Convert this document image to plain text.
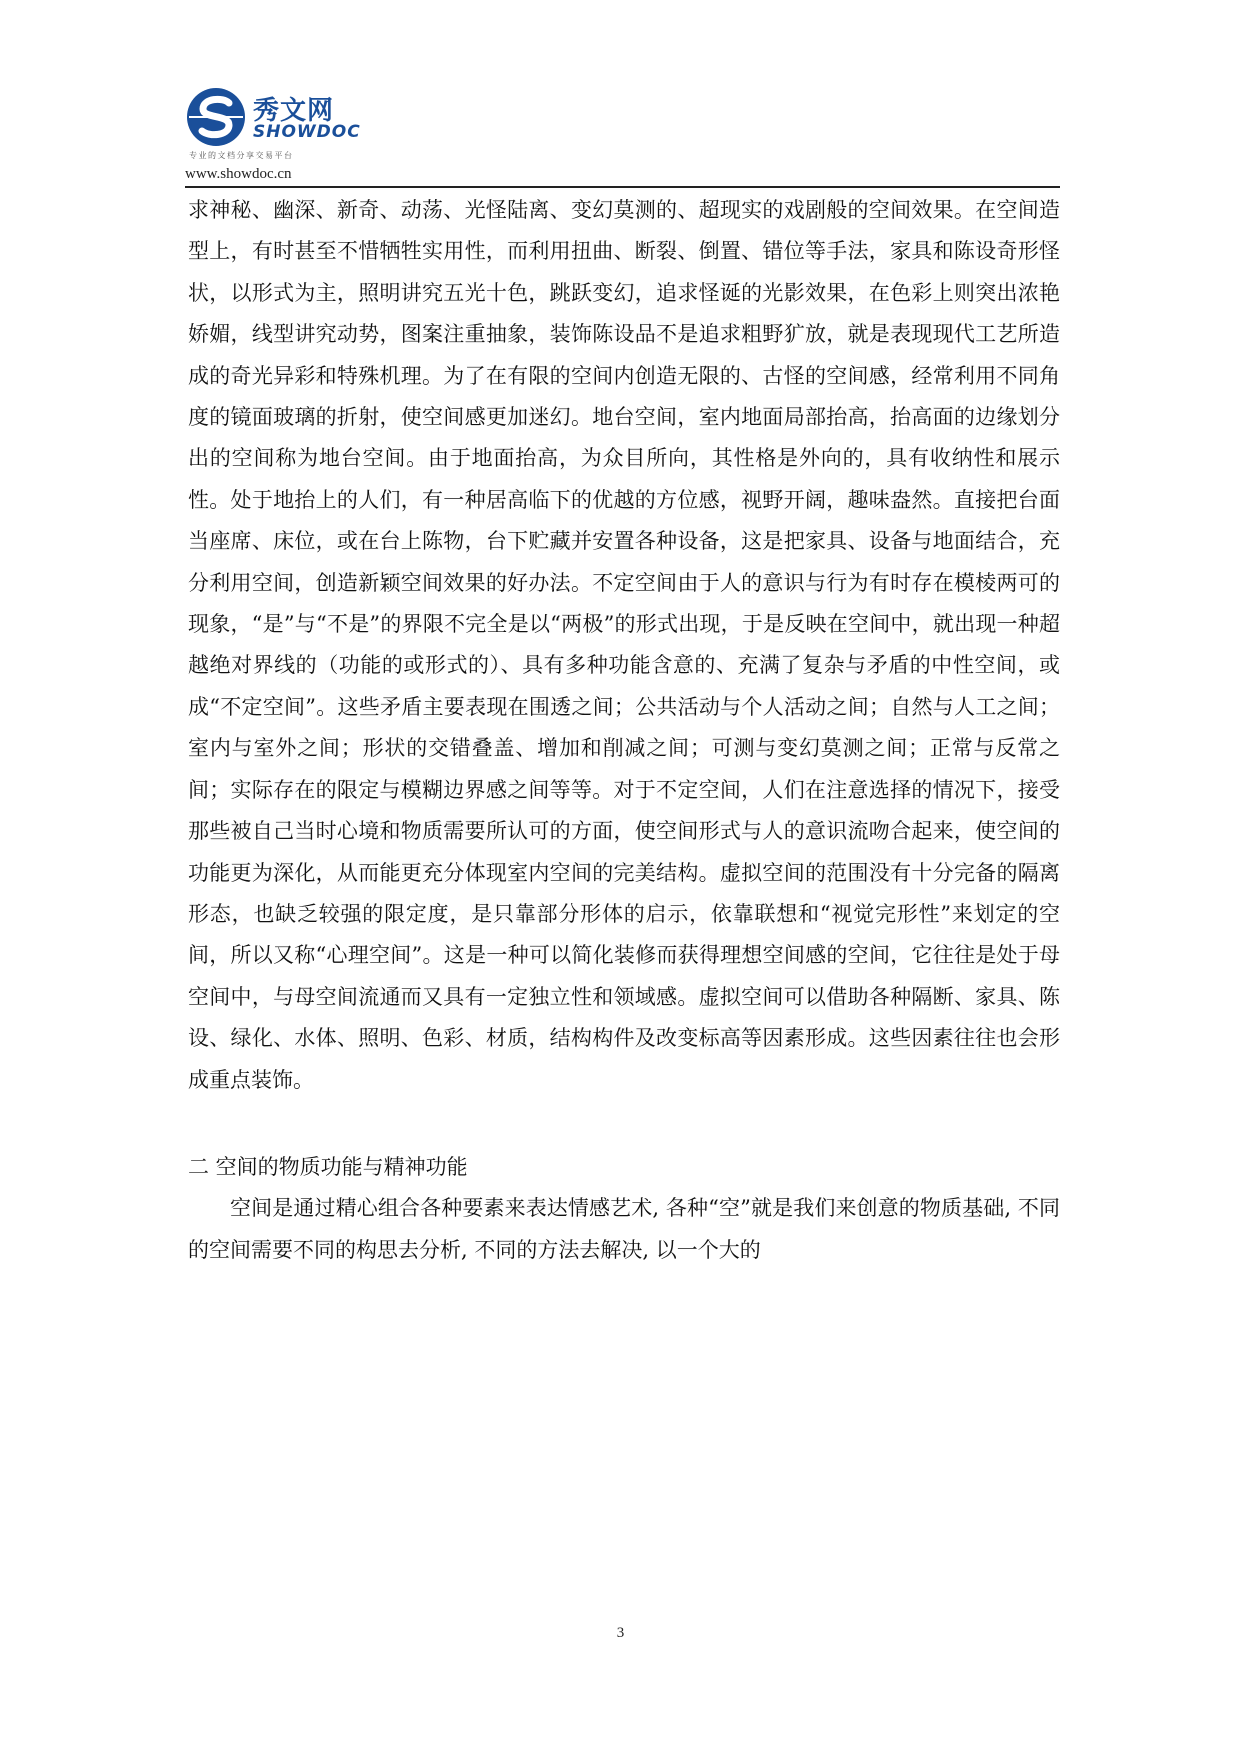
秀文网
SHOWDOC
专业的文档分享交易平台
www.showdoc.cn

求神秘、幽深、新奇、动荡、光怪陆离、变幻莫测的、超现实的戏剧般的空间效果。在空间造型上，有时甚至不惜牺牲实用性，而利用扭曲、断裂、倒置、错位等手法，家具和陈设奇形怪状，以形式为主，照明讲究五光十色，跳跃变幻，追求怪诞的光影效果，在色彩上则突出浓艳娇媚，线型讲究动势，图案注重抽象，装饰陈设品不是追求粗野犷放，就是表现现代工艺所造成的奇光异彩和特殊机理。为了在有限的空间内创造无限的、古怪的空间感，经常利用不同角度的镜面玻璃的折射，使空间感更加迷幻。地台空间，室内地面局部抬高，抬高面的边缘划分出的空间称为地台空间。由于地面抬高，为众目所向，其性格是外向的，具有收纳性和展示性。处于地抬上的人们，有一种居高临下的优越的方位感，视野开阔，趣味盎然。直接把台面当座席、床位，或在台上陈物，台下贮藏并安置各种设备，这是把家具、设备与地面结合，充分利用空间，创造新颖空间效果的好办法。不定空间由于人的意识与行为有时存在模棱两可的现象，“是”与“不是”的界限不完全是以“两极”的形式出现，于是反映在空间中，就出现一种超越绝对界线的（功能的或形式的）、具有多种功能含意的、充满了复杂与矛盾的中性空间，或成“不定空间”。这些矛盾主要表现在围透之间；公共活动与个人活动之间；自然与人工之间；室内与室外之间；形状的交错叠盖、增加和削减之间；可测与变幻莫测之间；正常与反常之间；实际存在的限定与模糊边界感之间等等。对于不定空间，人们在注意选择的情况下，接受那些被自己当时心境和物质需要所认可的方面，使空间形式与人的意识流吻合起来，使空间的功能更为深化，从而能更充分体现室内空间的完美结构。虚拟空间的范围没有十分完备的隔离形态，也缺乏较强的限定度，是只靠部分形体的启示，依靠联想和“视觉完形性”来划定的空间，所以又称“心理空间”。这是一种可以简化装修而获得理想空间感的空间，它往往是处于母空间中，与母空间流通而又具有一定独立性和领域感。虚拟空间可以借助各种隔断、家具、陈设、绿化、水体、照明、色彩、材质，结构构件及改变标高等因素形成。这些因素往往也会形成重点装饰。

二 空间的物质功能与精神功能

空间是通过精心组合各种要素来表达情感艺术, 各种“空”就是我们来创意的物质基础, 不同的空间需要不同的构思去分析, 不同的方法去解决, 以一个大的

3
